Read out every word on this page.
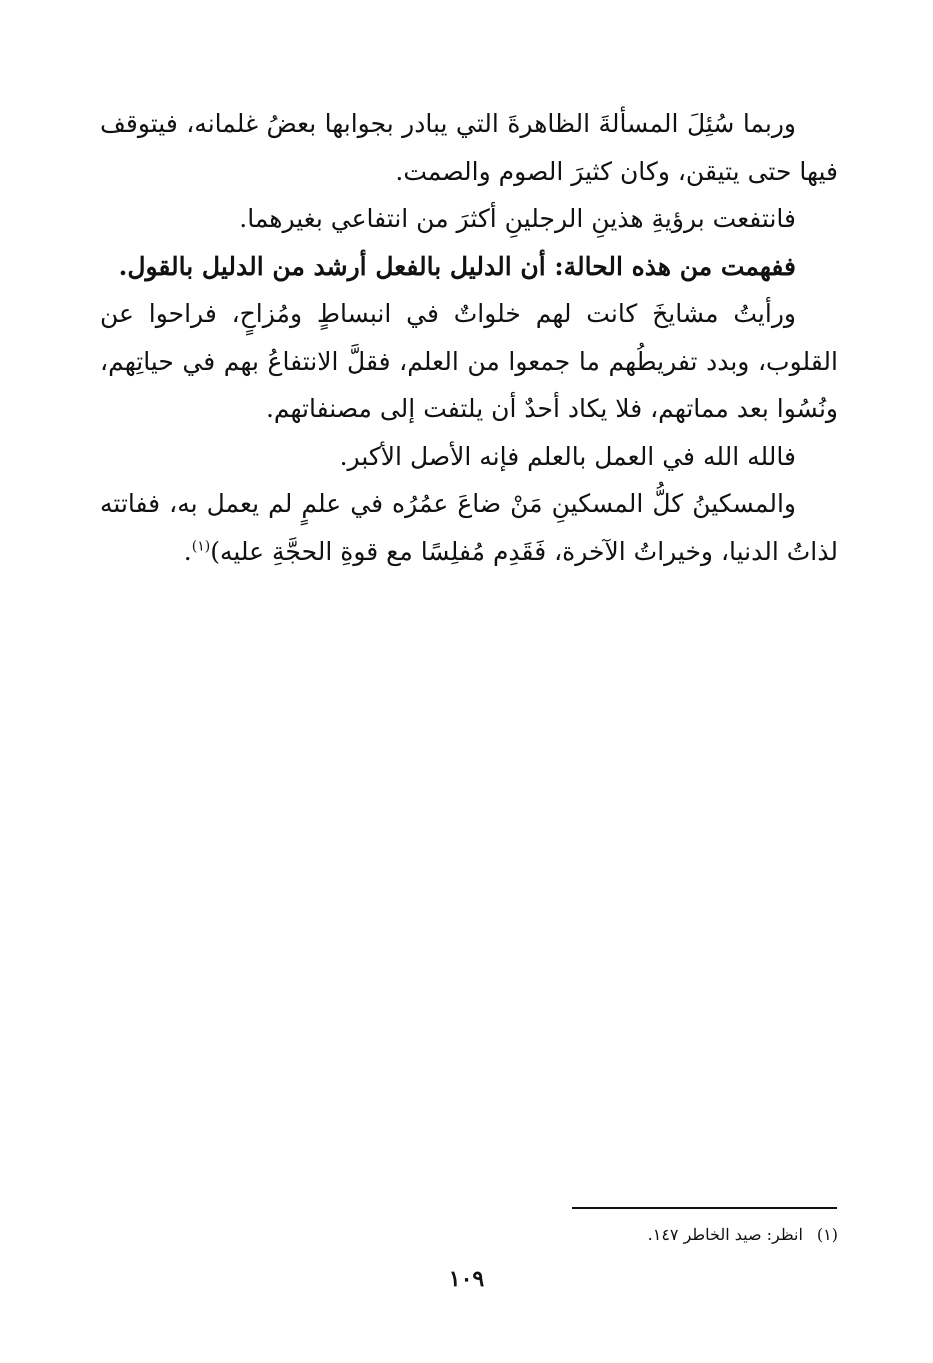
وربما سُئِلَ المسألةَ الظاهرةَ التي يبادر بجوابها بعضُ غلمانه، فيتوقف فيها حتى يتيقن، وكان كثيرَ الصوم والصمت.

فانتفعت برؤيةِ هذينِ الرجلينِ أكثرَ من انتفاعي بغيرهما.

ففهمت من هذه الحالة: أن الدليل بالفعل أرشد من الدليل بالقول.

ورأيتُ مشايخَ كانت لهم خلواتٌ في انبساطٍ ومُزاحٍ، فراحوا عن القلوب، وبدد تفريطُهم ما جمعوا من العلم، فقلَّ الانتفاعُ بهم في حياتِهم، ونُسُوا بعد مماتهم، فلا يكاد أحدٌ أن يلتفت إلى مصنفاتهم.

فالله الله في العمل بالعلم فإنه الأصل الأكبر.

والمسكينُ كلُّ المسكينِ مَنْ ضاعَ عمُرُه في علمٍ لم يعمل به، ففاتته لذاتُ الدنيا، وخيراتُ الآخرة، فَقَدِم مُفلِسًا مع قوةِ الحجَّةِ عليه)$^{(١)}$.

(١)انظر: صيد الخاطر ١٤٧.
١٠٩
